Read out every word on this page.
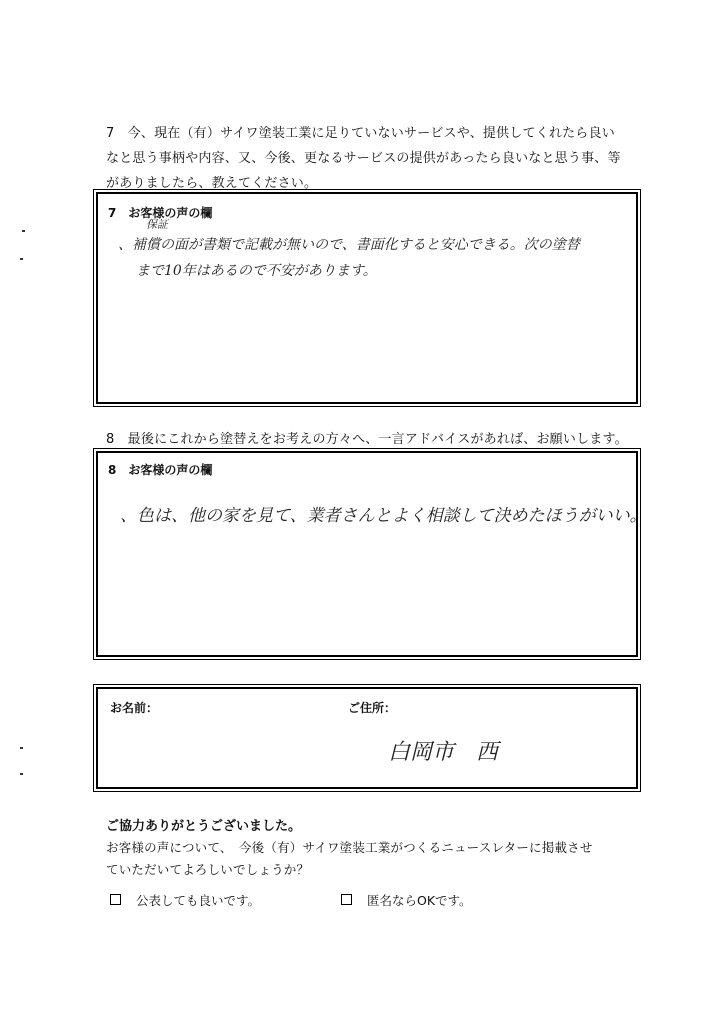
7　今、現在（有）サイワ塗装工業に足りていないサービスや、提供してくれたら良い
なと思う事柄や内容、又、今後、更なるサービスの提供があったら良いなと思う事、等
がありましたら、教えてください。
7　お客様の声の欄
保証
、補償の面が書類で記載が無いので、書面化すると安心できる。次の塗替
まで10年はあるので不安があります。
8　最後にこれから塗替えをお考えの方々へ、一言アドバイスがあれば、お願いします。
8　お客様の声の欄
、色は、他の家を見て、業者さんとよく相談して決めたほうがいい。
お名前：	ご住所：
白岡市　西
ご協力ありがとうございました。
お客様の声について、　今後（有）サイワ塗装工業がつくるニュースレターに掲載させ
ていただいてよろしいでしょうか？
公表しても良いです。	匿名ならOKです。
